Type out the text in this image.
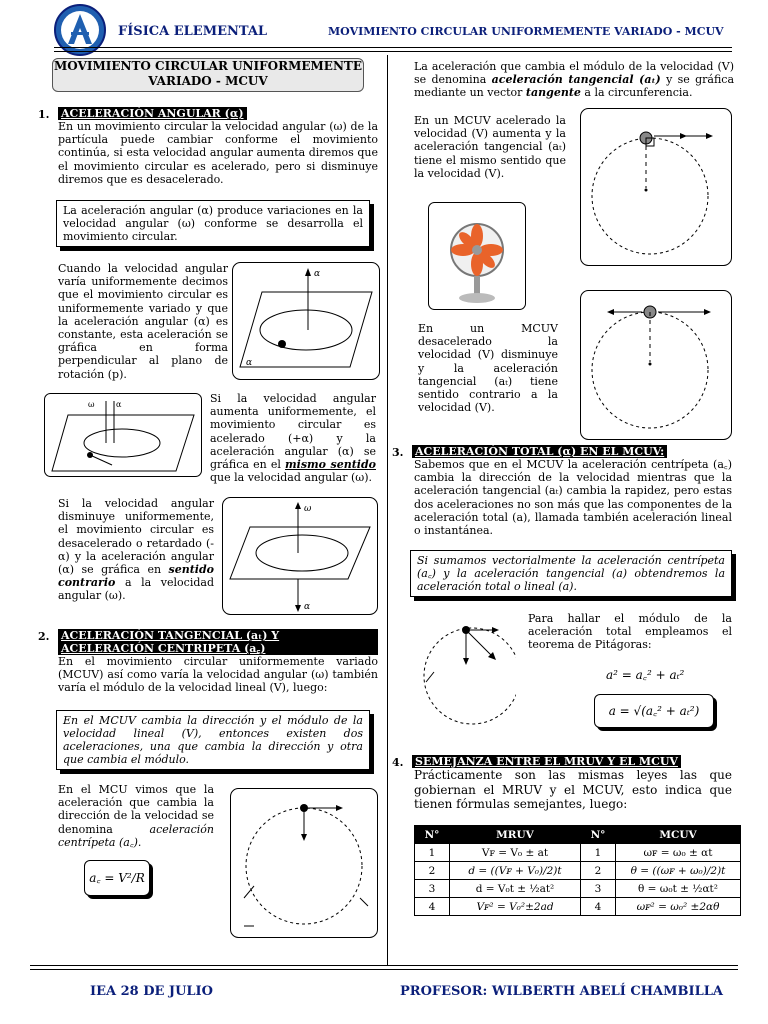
FÍSICA ELEMENTAL	MOVIMIENTO CIRCULAR UNIFORMEMENTE VARIADO - MCUV
MOVIMIENTO CIRCULAR UNIFORMEMENTE
VARIADO - MCUV
1. ACELERACIÓN ANGULAR (α)
En un movimiento circular la velocidad angular (ω) de la partícula puede cambiar conforme el movimiento continúa, si esta velocidad angular aumenta diremos que el movimiento circular es acelerado, pero si disminuye diremos que es desacelerado.
La aceleración angular (α) produce variaciones en la velocidad angular (ω) conforme se desarrolla el movimiento circular.
Cuando la velocidad angular varía uniformemente decimos que el movimiento circular es uniformemente variado y que la aceleración angular (α) es constante, esta aceleración se gráfica en forma perpendicular al plano de rotación (p).
α
α
ω	α	Si la velocidad angular aumenta uniformemente, el movimiento circular es acelerado (+α) y la aceleración angular (α) se gráfica en el mismo sentido que la velocidad angular (ω).
Si la velocidad angular disminuye uniformemente, el movimiento circular es desacelerado o retardado (-α) y la aceleración angular (α) se gráfica en sentido contrario a la velocidad angular (ω).
ω
α
2. ACELERACIÓN TANGENCIAL (aₜ) Y ACELERACIÓN CENTRIPETA (a꜀)
En el movimiento circular uniformemente variado (MCUV) así como varía la velocidad angular (ω) también varía el módulo de la velocidad lineal (V), luego:
En el MCUV cambia la dirección y el módulo de la velocidad lineal (V), entonces existen dos aceleraciones, una que cambia la dirección y otra que cambia el módulo.
En el MCU vimos que la aceleración que cambia la dirección de la velocidad se denomina aceleración centrípeta (a꜀).
a꜀ = V²/R
La aceleración que cambia el módulo de la velocidad (V) se denomina aceleración tangencial (aₜ) y se gráfica mediante un vector tangente a la circunferencia.
En un MCUV acelerado la velocidad (V) aumenta y la aceleración tangencial (aₜ) tiene el mismo sentido que la velocidad (V).
En un MCUV desacelerado la velocidad (V) disminuye y la aceleración tangencial (aₜ) tiene sentido contrario a la velocidad (V).
3. ACELERACIÓN TOTAL (α) EN EL MCUV:
Sabemos que en el MCUV la aceleración centrípeta (a꜀) cambia la dirección de la velocidad mientras que la aceleración tangencial (aₜ) cambia la rapidez, pero estas dos aceleraciones no son más que las componentes de la aceleración total (a), llamada también aceleración lineal o instantánea.
Si sumamos vectorialmente la aceleración centrípeta (a꜀) y la aceleración tangencial (a) obtendremos la aceleración total o lineal (a).
Para hallar el módulo de la aceleración total empleamos el teorema de Pitágoras:
a² = a꜀² + aₜ²
a = √(a꜀² + aₜ²)
4. SEMEJANZA ENTRE EL MRUV Y EL MCUV
Prácticamente son las mismas leyes las que gobiernan el MRUV y el MCUV, esto indica que tienen fórmulas semejantes, luego:
N°	MRUV	N°	MCUV
1	Vꜰ = V₀ ± at	1	ωꜰ = ω₀ ± αt
2	d = ((Vꜰ + V₀)/2)t	2	θ = ((ωꜰ + ω₀)/2)t
3	d = V₀t ± ½at²	3	θ = ω₀t ± ½αt²
4	Vꜰ² = V₀²±2ad	4	ωꜰ² = ω₀² ±2αθ
IEA 28 DE JULIO	PROFESOR: WILBERTH ABELÍ CHAMBILLA
